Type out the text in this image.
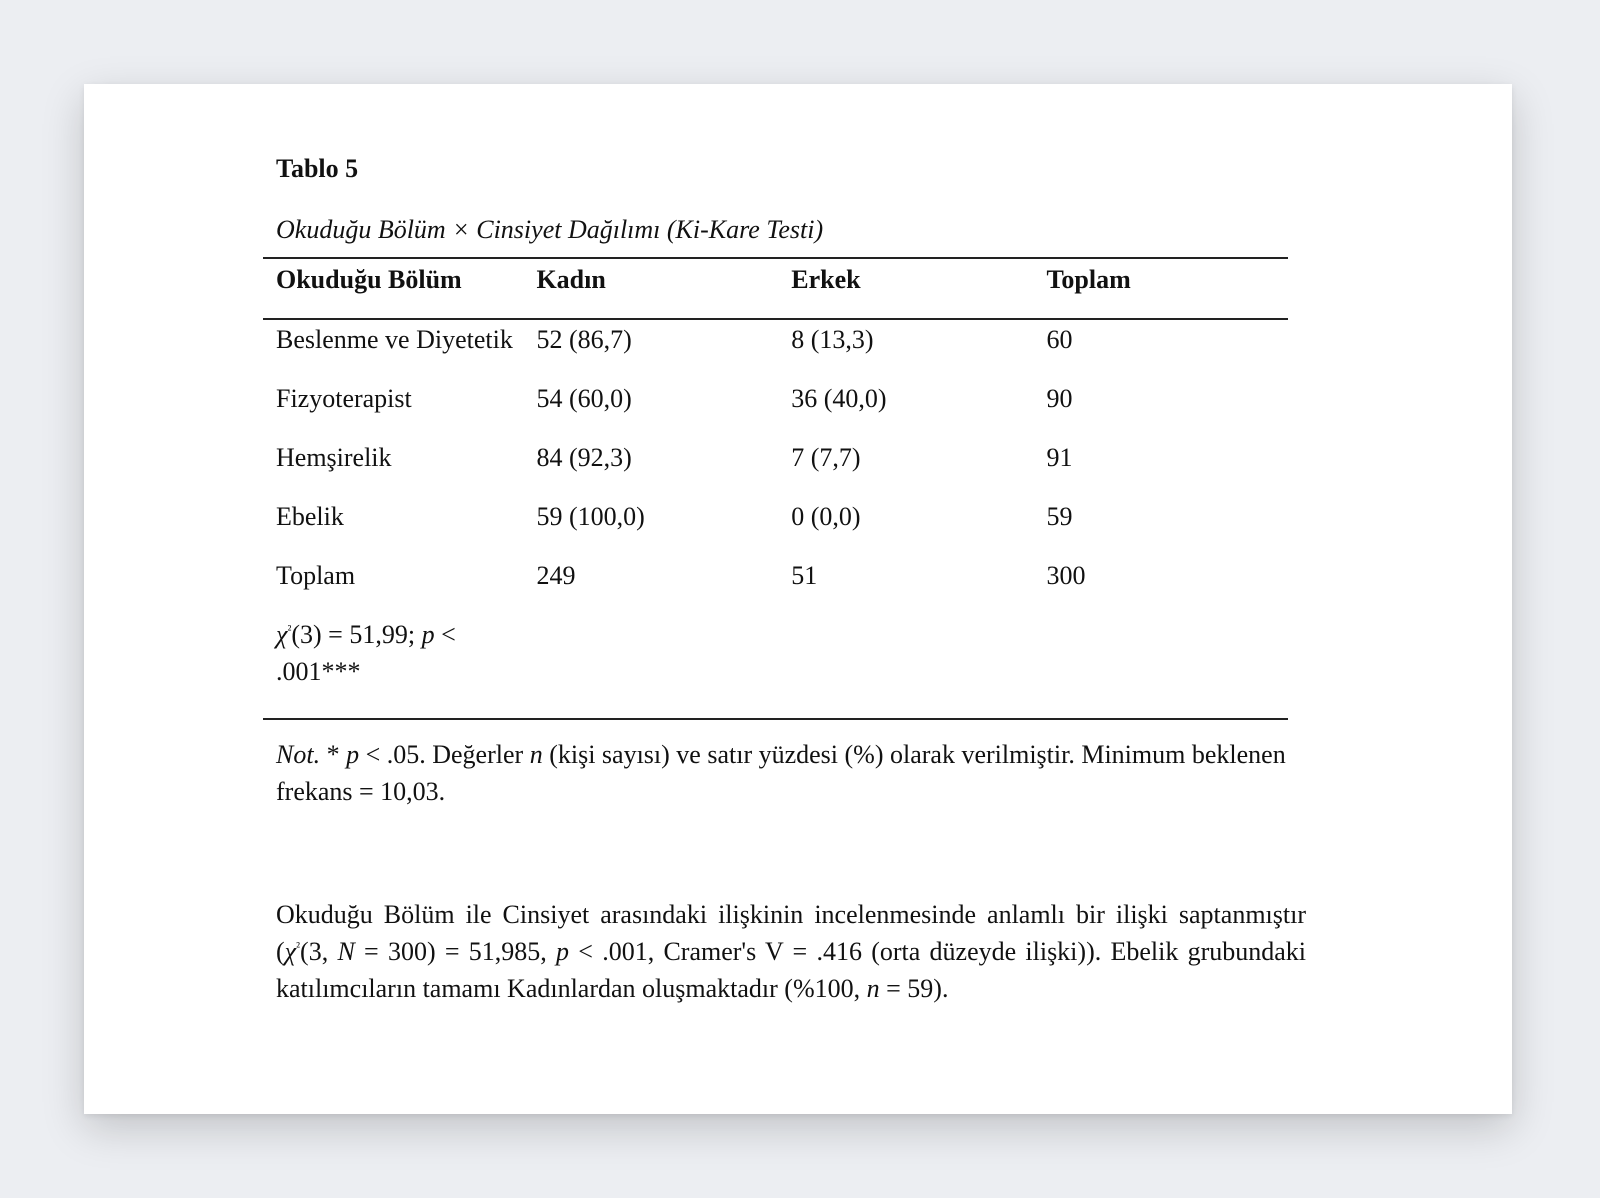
Tablo 5

Okuduğu Bölüm × Cinsiyet Dağılımı (Ki-Kare Testi)

Okuduğu Bölüm	Kadın	Erkek	Toplam
Beslenme ve Diyetetik	52 (86,7)	8 (13,3)	60
Fizyoterapist	54 (60,0)	36 (40,0)	90
Hemşirelik	84 (92,3)	7 (7,7)	91
Ebelik	59 (100,0)	0 (0,0)	59
Toplam	249	51	300
$\chi^{^2}(3) = 51,99$; p < .001***			

Not. * p < .05. Değerler n (kişi sayısı) ve satır yüzdesi (%) olarak verilmiştir. Minimum beklenen frekans = 10,03.

Okuduğu Bölüm ile Cinsiyet arasındaki ilişkinin incelenmesinde anlamlı bir ilişki saptanmıştır ($\chi^{^2}(3$, N = 300) = 51,985, p < .001, Cramer's V = .416 (orta düzeyde ilişki)). Ebelik grubundaki katılımcıların tamamı Kadınlardan oluşmaktadır (%100, n = 59).
